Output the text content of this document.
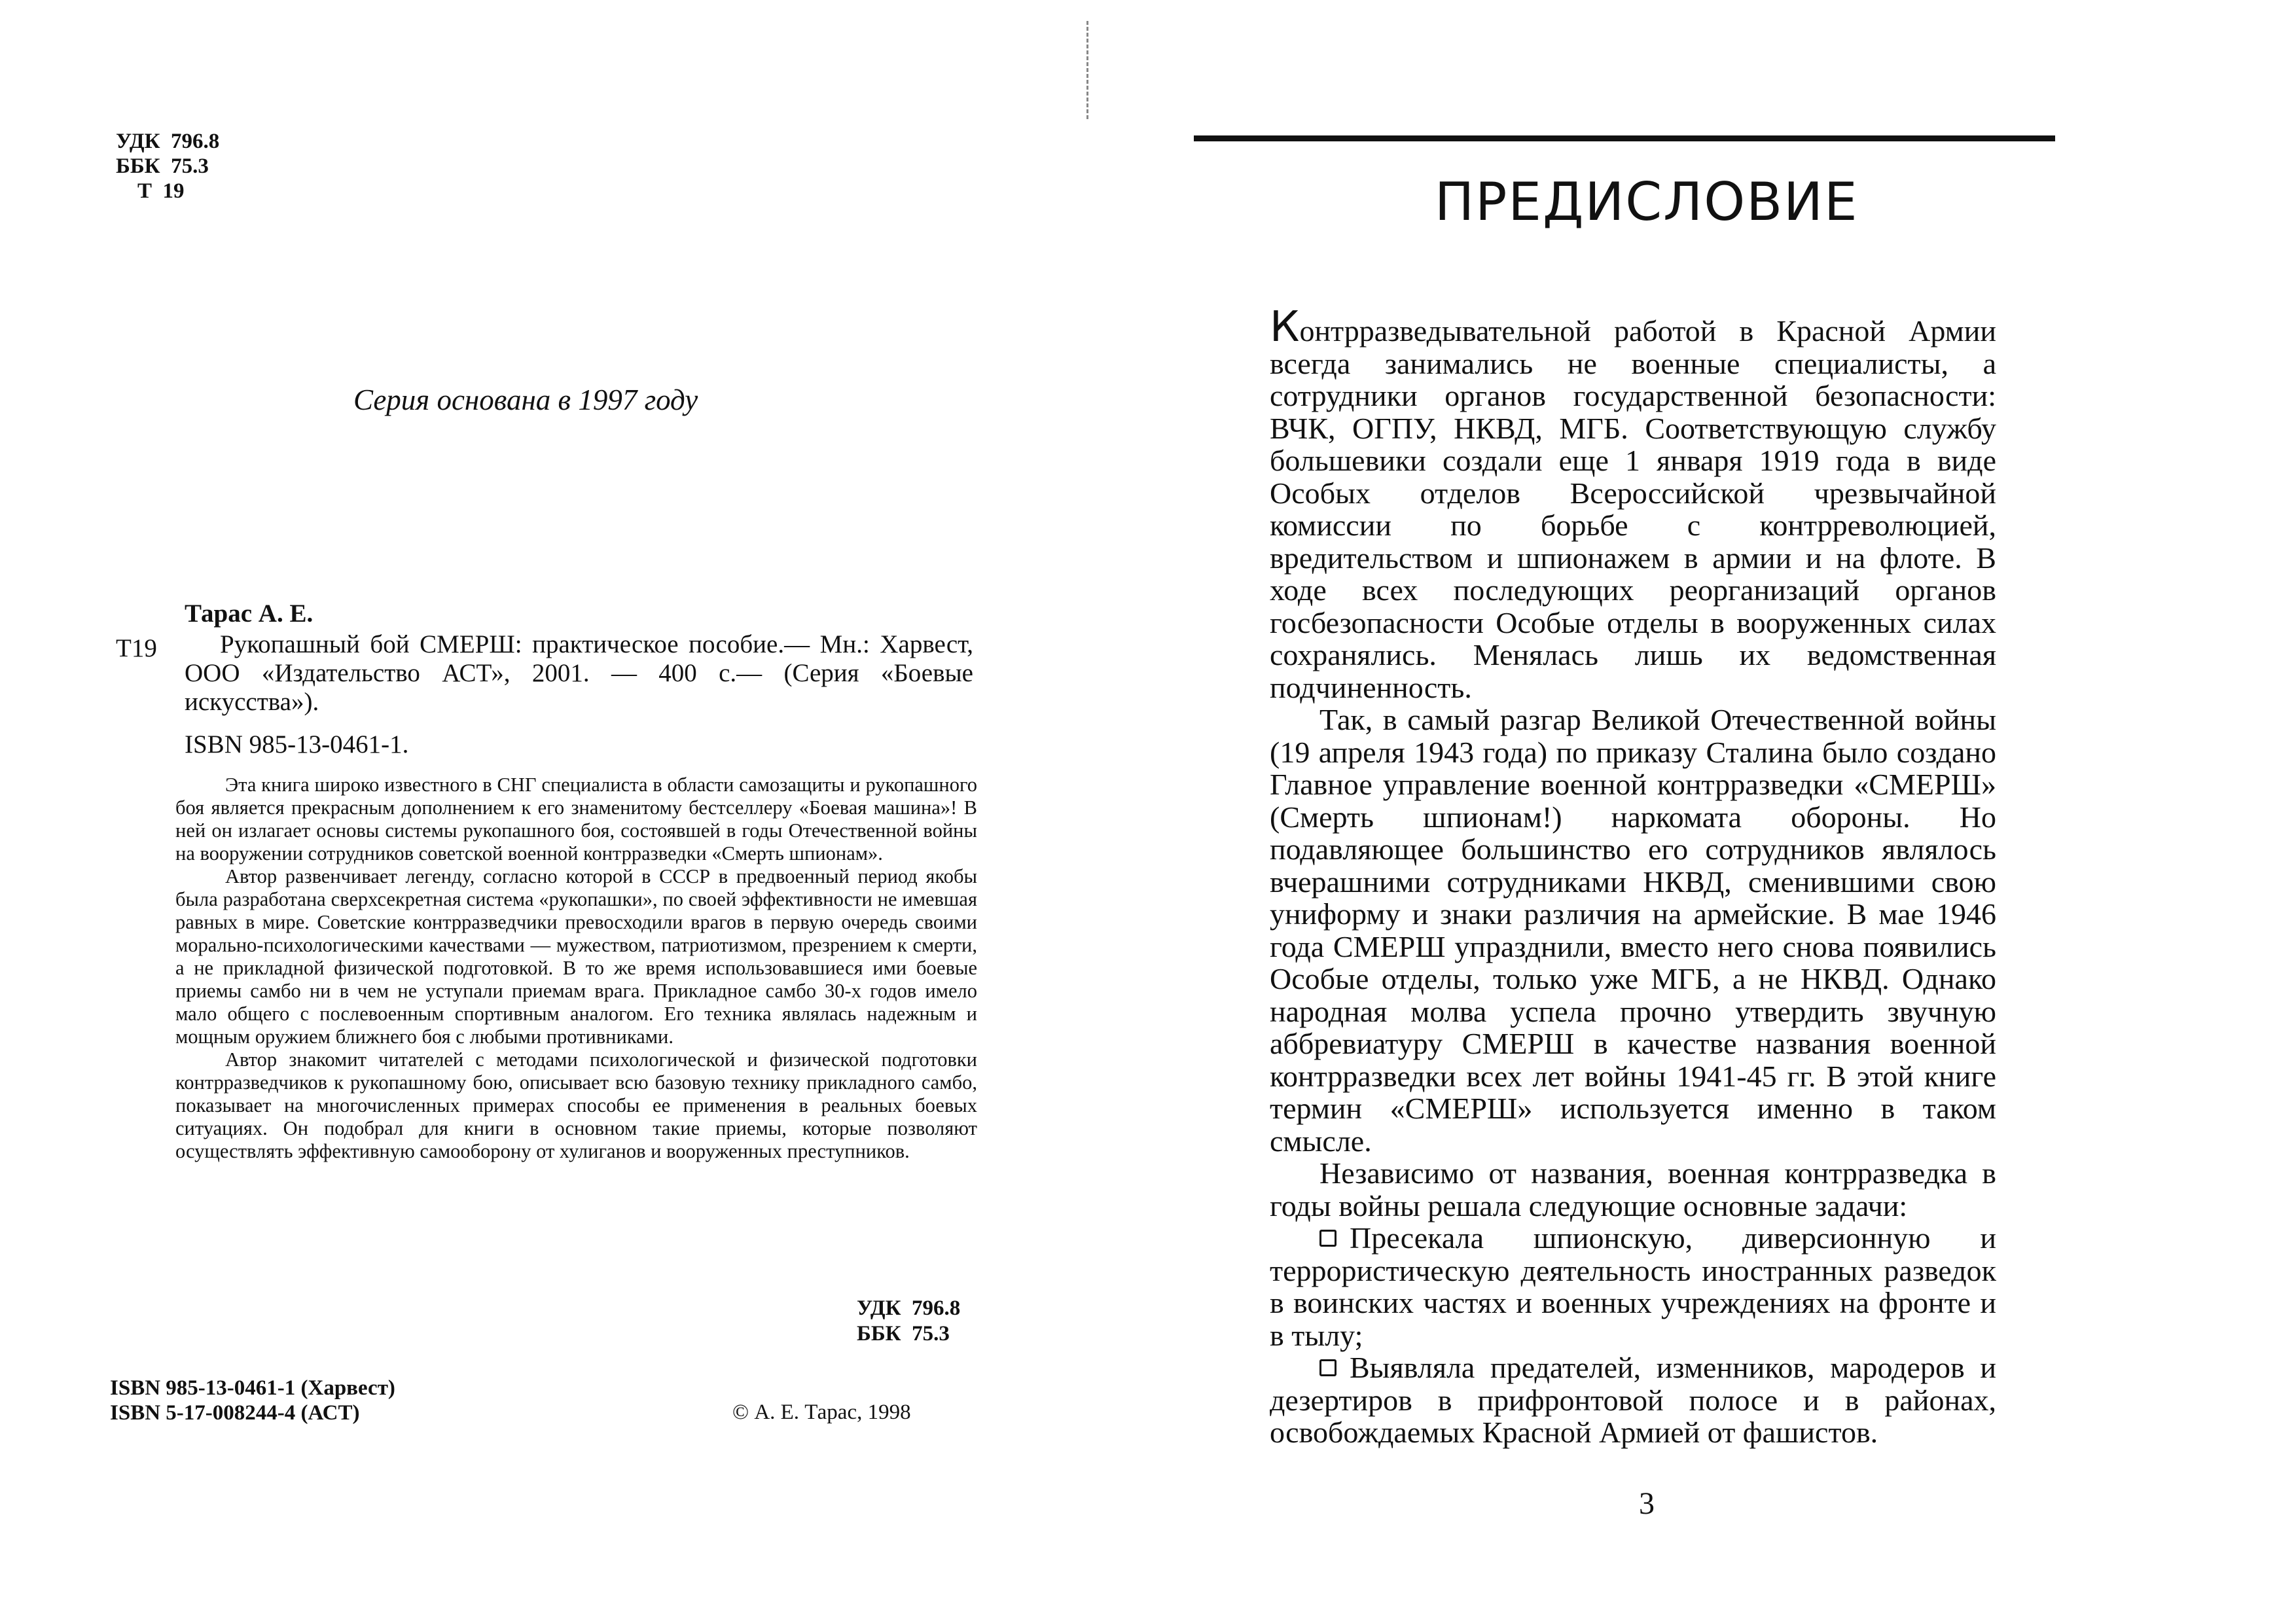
УДК  796.8
ББК  75.3
Т  19
Серия основана в 1997 году
Тарас А. Е.
Т19	Рукопашный бой СМЕРШ: практическое пособие.— Мн.: Харвест, ООО «Издательство АСТ», 2001. — 400 с.— (Серия «Боевые искусства»).

ISBN 985-13-0461-1.

Эта книга широко известного в СНГ специалиста в области самозащиты и рукопашного боя является прекрасным дополнением к его знаменитому бестселлеру «Боевая машина»! В ней он излагает основы системы рукопашного боя, состоявшей в годы Отечественной войны на вооружении сотрудников советской военной контрразведки «Смерть шпионам».

Автор развенчивает легенду, согласно которой в СССР в предвоенный период якобы была разработана сверхсекретная система «рукопашки», по своей эффективности не имевшая равных в мире. Советские контрразведчики превосходили врагов в первую очередь своими морально-психологическими качествами — мужеством, патриотизмом, презрением к смерти, а не прикладной физической подготовкой. В то же время использовавшиеся ими боевые приемы самбо ни в чем не уступали приемам врага. Прикладное самбо 30-х годов имело мало общего с послевоенным спортивным аналогом. Его техника являлась надежным и мощным оружием ближнего боя с любыми противниками.

Автор знакомит читателей с методами психологической и физической подготовки контрразведчиков к рукопашному бою, описывает всю базовую технику прикладного самбо, показывает на многочисленных примерах способы ее применения в реальных боевых ситуациях. Он подобрал для книги в основном такие приемы, которые позволяют осуществлять эффективную самооборону от хулиганов и вооруженных преступников.

УДК  796.8
ББК  75.3
ISBN 985-13-0461-1 (Харвест)
ISBN 5-17-008244-4 (АСТ)	© А. Е. Тарас, 1998
ПРЕДИСЛОВИЕ

Контрразведывательной работой в Красной Армии всегда занимались не военные специалисты, а сотрудники органов государственной безопасности: ВЧК, ОГПУ, НКВД, МГБ. Соответствующую службу большевики создали еще 1 января 1919 года в виде Особых отделов Всероссийской чрезвычайной комиссии по борьбе с контрреволюцией, вредительством и шпионажем в армии и на флоте. В ходе всех последующих реорганизаций органов госбезопасности Особые отделы в вооруженных силах сохранялись. Менялась лишь их ведомственная подчиненность.

Так, в самый разгар Великой Отечественной войны (19 апреля 1943 года) по приказу Сталина было создано Главное управление военной контрразведки «СМЕРШ» (Смерть шпионам!) наркомата обороны. Но подавляющее большинство его сотрудников являлось вчерашними сотрудниками НКВД, сменившими свою униформу и знаки различия на армейские. В мае 1946 года СМЕРШ упразднили, вместо него снова появились Особые отделы, только уже МГБ, а не НКВД. Однако народная молва успела прочно утвердить звучную аббревиатуру СМЕРШ в качестве названия военной контрразведки всех лет войны 1941-45 гг. В этой книге термин «СМЕРШ» используется именно в таком смысле.

Независимо от названия, военная контрразведка в годы войны решала следующие основные задачи:

Пресекала шпионскую, диверсионную и террористическую деятельность иностранных разведок в воинских частях и военных учреждениях на фронте и в тылу;

Выявляла предателей, изменников, мародеров и дезертиров в прифронтовой полосе и в районах, освобождаемых Красной Армией от фашистов.

3
